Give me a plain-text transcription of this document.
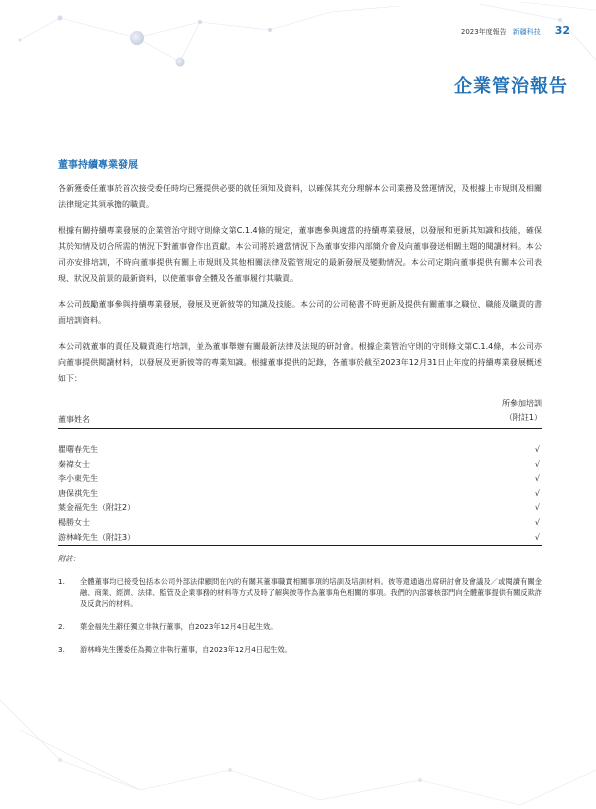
2023年度報告 新疆科技 32
企業管治報告
董事持續專業發展

各新獲委任董事於首次接受委任時均已獲提供必要的就任須知及資料，以確保其充分理解本公司業務及營運情況，及根據上市規則及相關法律規定其須承擔的職責。

根據有關持續專業發展的企業管治守則守則條文第C.1.4條的規定，董事應參與適當的持續專業發展，以發展和更新其知識和技能，確保其於知情及切合所需的情況下對董事會作出貢獻。本公司將於適當情況下為董事安排內部簡介會及向董事發送相關主題的閱讀材料。本公司亦安排培訓，不時向董事提供有關上市規則及其他相關法律及監管規定的最新發展及變動情況。本公司定期向董事提供有關本公司表現、狀況及前景的最新資料，以使董事會全體及各董事履行其職責。

本公司鼓勵董事參與持續專業發展，發展及更新彼等的知識及技能。本公司的公司秘書不時更新及提供有關董事之職位、職能及職責的書面培訓資料。

本公司就董事的責任及職責進行培訓，並為董事舉辦有關最新法律及法規的研討會。根據企業管治守則的守則條文第C.1.4條，本公司亦向董事提供閱讀材料，以發展及更新彼等的專業知識。根據董事提供的記錄，各董事於截至2023年12月31日止年度的持續專業發展概述如下：

董事姓名
所參加培訓
（附註1）
瞿曙春先生	√
秦禕女士	√
李小東先生	√
唐保祺先生	√
葉金福先生（附註2）	√
楊勝女士	√
游林峰先生（附註3）	√
附註：
1.	全體董事均已接受包括本公司外部法律顧問在內的有關其董事職責相關事項的培訓及培訓材料。彼等還通過出席研討會及會議及／或閱讀有關金融、商業、經濟、法律、監管及企業事務的材料等方式及時了解與彼等作為董事角色相關的事項。我們的內部審核部門向全體董事提供有關反欺詐及反貪污的材料。
2.	葉金福先生辭任獨立非執行董事，自2023年12月4日起生效。
3.	游林峰先生獲委任為獨立非執行董事，自2023年12月4日起生效。
